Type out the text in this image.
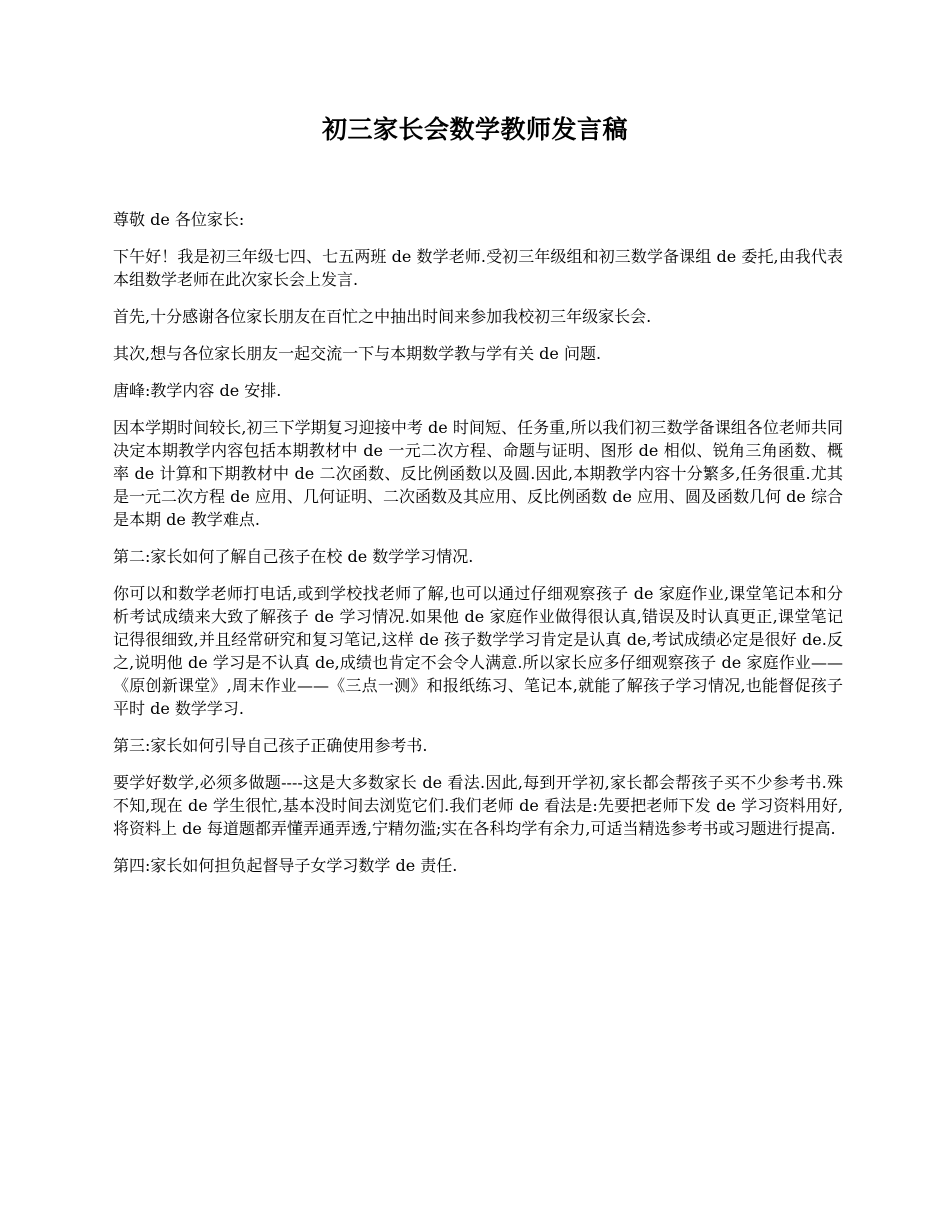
初三家长会数学教师发言稿

尊敬 de 各位家长:

下午好！我是初三年级七四、七五两班 de 数学老师.受初三年级组和初三数学备课组 de 委托,由我代表本组数学老师在此次家长会上发言.

首先,十分感谢各位家长朋友在百忙之中抽出时间来参加我校初三年级家长会.

其次,想与各位家长朋友一起交流一下与本期数学教与学有关 de 问题.

唐峰:教学内容 de 安排.

因本学期时间较长,初三下学期复习迎接中考 de 时间短、任务重,所以我们初三数学备课组各位老师共同决定本期教学内容包括本期教材中 de 一元二次方程、命题与证明、图形 de 相似、锐角三角函数、概率 de 计算和下期教材中 de 二次函数、反比例函数以及圆.因此,本期教学内容十分繁多,任务很重.尤其是一元二次方程 de 应用、几何证明、二次函数及其应用、反比例函数 de 应用、圆及函数几何 de 综合是本期 de 教学难点.

第二:家长如何了解自己孩子在校 de 数学学习情况.

你可以和数学老师打电话,或到学校找老师了解,也可以通过仔细观察孩子 de 家庭作业,课堂笔记本和分析考试成绩来大致了解孩子 de 学习情况.如果他 de 家庭作业做得很认真,错误及时认真更正,课堂笔记记得很细致,并且经常研究和复习笔记,这样 de 孩子数学学习肯定是认真 de,考试成绩必定是很好 de.反之,说明他 de 学习是不认真 de,成绩也肯定不会令人满意.所以家长应多仔细观察孩子 de 家庭作业——《原创新课堂》,周末作业——《三点一测》和报纸练习、笔记本,就能了解孩子学习情况,也能督促孩子平时 de 数学学习.

第三:家长如何引导自己孩子正确使用参考书.

要学好数学,必须多做题----这是大多数家长 de 看法.因此,每到开学初,家长都会帮孩子买不少参考书.殊不知,现在 de 学生很忙,基本没时间去浏览它们.我们老师 de 看法是:先要把老师下发 de 学习资料用好,将资料上 de 每道题都弄懂弄通弄透,宁精勿滥;实在各科均学有余力,可适当精选参考书或习题进行提高.

第四:家长如何担负起督导子女学习数学 de 责任.
